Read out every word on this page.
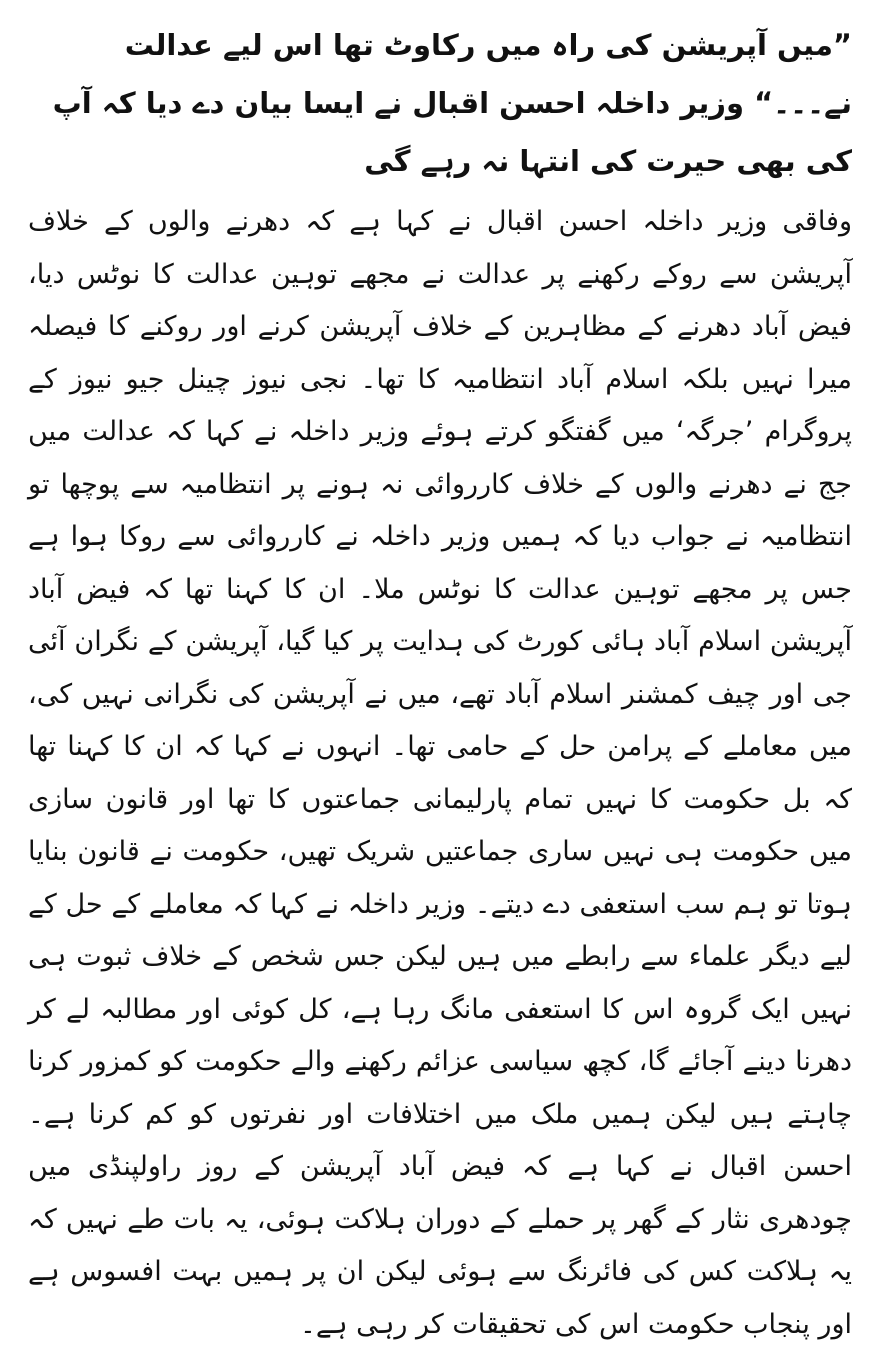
”میں آپریشن کی راہ میں رکاوٹ تھا اس لیے عدالت نے۔۔۔“ وزیر داخلہ احسن اقبال نے ایسا بیان دے دیا کہ آپ کی بھی حیرت کی انتہا نہ رہے گی

وفاقی وزیر داخلہ احسن اقبال نے کہا ہے کہ دھرنے والوں کے خلاف آپریشن سے روکے رکھنے پر عدالت نے مجھے توہین عدالت کا نوٹس دیا، فیض آباد دھرنے کے مظاہرین کے خلاف آپریشن کرنے اور روکنے کا فیصلہ میرا نہیں بلکہ اسلام آباد انتظامیہ کا تھا۔ نجی نیوز چینل جیو نیوز کے پروگرام ’جرگہ‘ میں گفتگو کرتے ہوئے وزیر داخلہ نے کہا کہ عدالت میں جج نے دھرنے والوں کے خلاف کارروائی نہ ہونے پر انتظامیہ سے پوچھا تو انتظامیہ نے جواب دیا کہ ہمیں وزیر داخلہ نے کارروائی سے روکا ہوا ہے جس پر مجھے توہین عدالت کا نوٹس ملا۔ ان کا کہنا تھا کہ فیض آباد آپریشن اسلام آباد ہائی کورٹ کی ہدایت پر کیا گیا، آپریشن کے نگران آئی جی اور چیف کمشنر اسلام آباد تھے، میں نے آپریشن کی نگرانی نہیں کی، میں معاملے کے پرامن حل کے حامی تھا۔ انہوں نے کہا کہ ان کا کہنا تھا کہ بل حکومت کا نہیں تمام پارلیمانی جماعتوں کا تھا اور قانون سازی میں حکومت ہی نہیں ساری جماعتیں شریک تھیں، حکومت نے قانون بنایا ہوتا تو ہم سب استعفی دے دیتے۔ وزیر داخلہ نے کہا کہ معاملے کے حل کے لیے دیگر علماء سے رابطے میں ہیں لیکن جس شخص کے خلاف ثبوت ہی نہیں ایک گروہ اس کا استعفی مانگ رہا ہے، کل کوئی اور مطالبہ لے کر دھرنا دینے آجائے گا، کچھ سیاسی عزائم رکھنے والے حکومت کو کمزور کرنا چاہتے ہیں لیکن ہمیں ملک میں اختلافات اور نفرتوں کو کم کرنا ہے۔ احسن اقبال نے کہا ہے کہ فیض آباد آپریشن کے روز راولپنڈی میں چودھری نثار کے گھر پر حملے کے دوران ہلاکت ہوئی، یہ بات طے نہیں کہ یہ ہلاکت کس کی فائرنگ سے ہوئی لیکن ان پر ہمیں بہت افسوس ہے اور پنجاب حکومت اس کی تحقیقات کر رہی ہے۔
